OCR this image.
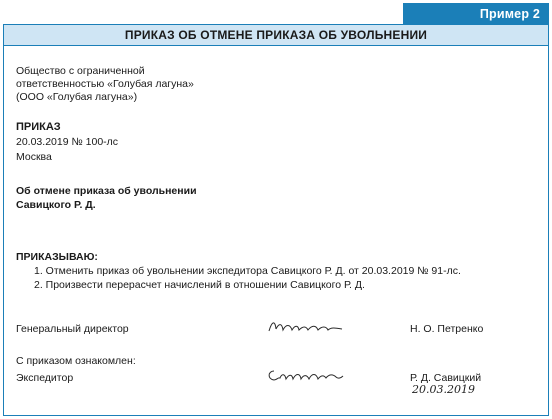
Пример 2
ПРИКАЗ ОБ ОТМЕНЕ ПРИКАЗА ОБ УВОЛЬНЕНИИ
Общество с ограниченной
ответственностью «Голубая лагуна»
(ООО «Голубая лагуна»)
ПРИКАЗ
20.03.2019 № 100-лс
Москва
Об отмене приказа об увольнении
Савицкого Р. Д.
ПРИКАЗЫВАЮ:
1. Отменить приказ об увольнении экспедитора Савицкого Р. Д. от 20.03.2019 № 91-лс.
2. Произвести перерасчет начислений в отношении Савицкого Р. Д.
Генеральный директор	Н. О. Петренко
С приказом ознакомлен:
Экспедитор	Р. Д. Савицкий
20.03.2019
